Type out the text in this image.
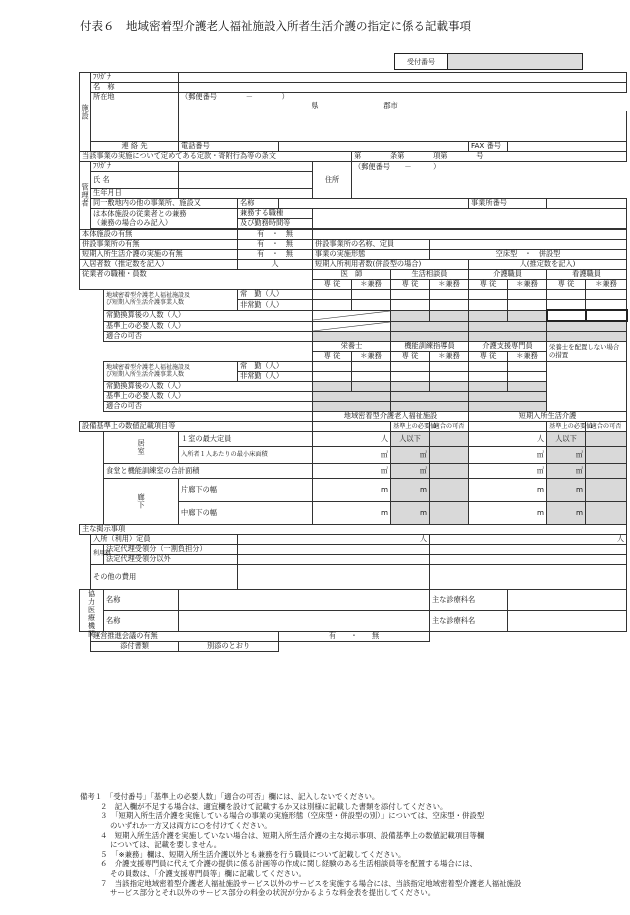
付表６　地域密着型介護老人福祉施設入所者生活介護の指定に係る記載事項
受付番号
施設	ﾌﾘｶﾞﾅ												
	名　称												
	所在地		（郵便番号　　　　－　　　　）										
					県		郡市						

	連 絡 先		電話番号							FAX 番号			
当該事業の実施について定めてある定款・寄附行為等の条文							第　　　　条第　　　　項第　　　　号						
管理者	ﾌﾘｶﾞﾅ					住所	（郵便番号　　－　　　）						
	氏 名												
	生年月日												
	同一敷地内の他の事業所、施設又			名称						事業所番号			
	は本体施設の従業者との兼務			兼務する職種									
	（兼務の場合のみ記入）			及び勤務時間等									

本体施設の有無				有　・　無									
併設事業所の有無				有　・　無		併設事業所の名称、定員							
短期入所生活介護の実施の有無				有　・　無		事業の実施形態			空床型　・　併設型				
入居者数（推定数を記入）				人		短期入所利用者数(併設型の場合)				人(推定数を記入)			
従業者の職種・員数						医　師		生活相談員		介護職員		看護職員	
						専 従	＊兼務	専 従	＊兼務	専 従	＊兼務	専 従	＊兼務
		地域密着型介護老人福祉施設及
び短期入所生活介護事業人数		常　勤（人）									
				非常勤（人）									
		常勤換算後の人数（人）	

		基準上の必要人数（人）	

		適合の可否											
						栄養士		機能訓練指導員		介護支援専門員		栄養士を配置しない場合の措置	
						専 従	＊兼務	専 従	＊兼務	専 従	＊兼務		
		地域密着型介護老人福祉施設及
び短期入所生活介護事業人数		常　勤（人）									
				非常勤（人）									
		常勤換算後の人数（人）											
		基準上の必要人数（人）											
		適合の可否											
						地域密着型介護老人福祉施設				短期入所生活介護			
設備基準上の数値記載項目等								基準上の必要値	適合の可否			基準上の必要値	適合の可否
		居室	１室の最大定員			人		人以下		人		人以下	
			入所者１人あたりの最小床面積			㎡		㎡		㎡		㎡	
		食堂と機能訓練室の合計面積				㎡		㎡		㎡		㎡	
		廊下	片廊下の幅			m		m		m		m	
			中廊下の幅			m		m		m		m	
主な掲示事項													
	入所（利用）定員			人					人				
	利用料	法定代理受領分（一割負担分）											
		法定代理受領分以外											
	その他の費用												
協力医療機関		名称							主な診療科名				
		名称							主な診療科名				
	運営推進会議の有無				有　　・　　無								
	添付書類		別添のとおり										
備考１　「受付番号」「基準上の必要人数」「適合の可否」欄には、記入しないでください。
２　記入欄が不足する場合は、適宜欄を設けて記載するか又は別様に記載した書類を添付してください。
３　「短期入所生活介護を実施している場合の事業の実施形態（空床型・併設型の別）」については、空床型・併設型
のいずれか一方又は両方に○を付けてください。
４　短期入所生活介護を実施していない場合は、短期入所生活介護の主な掲示事項、設備基準上の数値記載項目等欄
については、記載を要しません。
５　「※兼務」欄は、短期入所生活介護以外とも兼務を行う職員について記載してください。
６　介護支援専門員に代えて介護の提供に係る計画等の作成に関し経験のある生活相談員等を配置する場合には、
その員数は、「介護支援専門員等」欄に記載してください。
７　当該指定地域密着型介護老人福祉施設サービス以外のサービスを実施する場合には、当該指定地域密着型介護老人福祉施設
サービス部分とそれ以外のサービス部分の料金の状況が分かるような料金表を提出してください。
